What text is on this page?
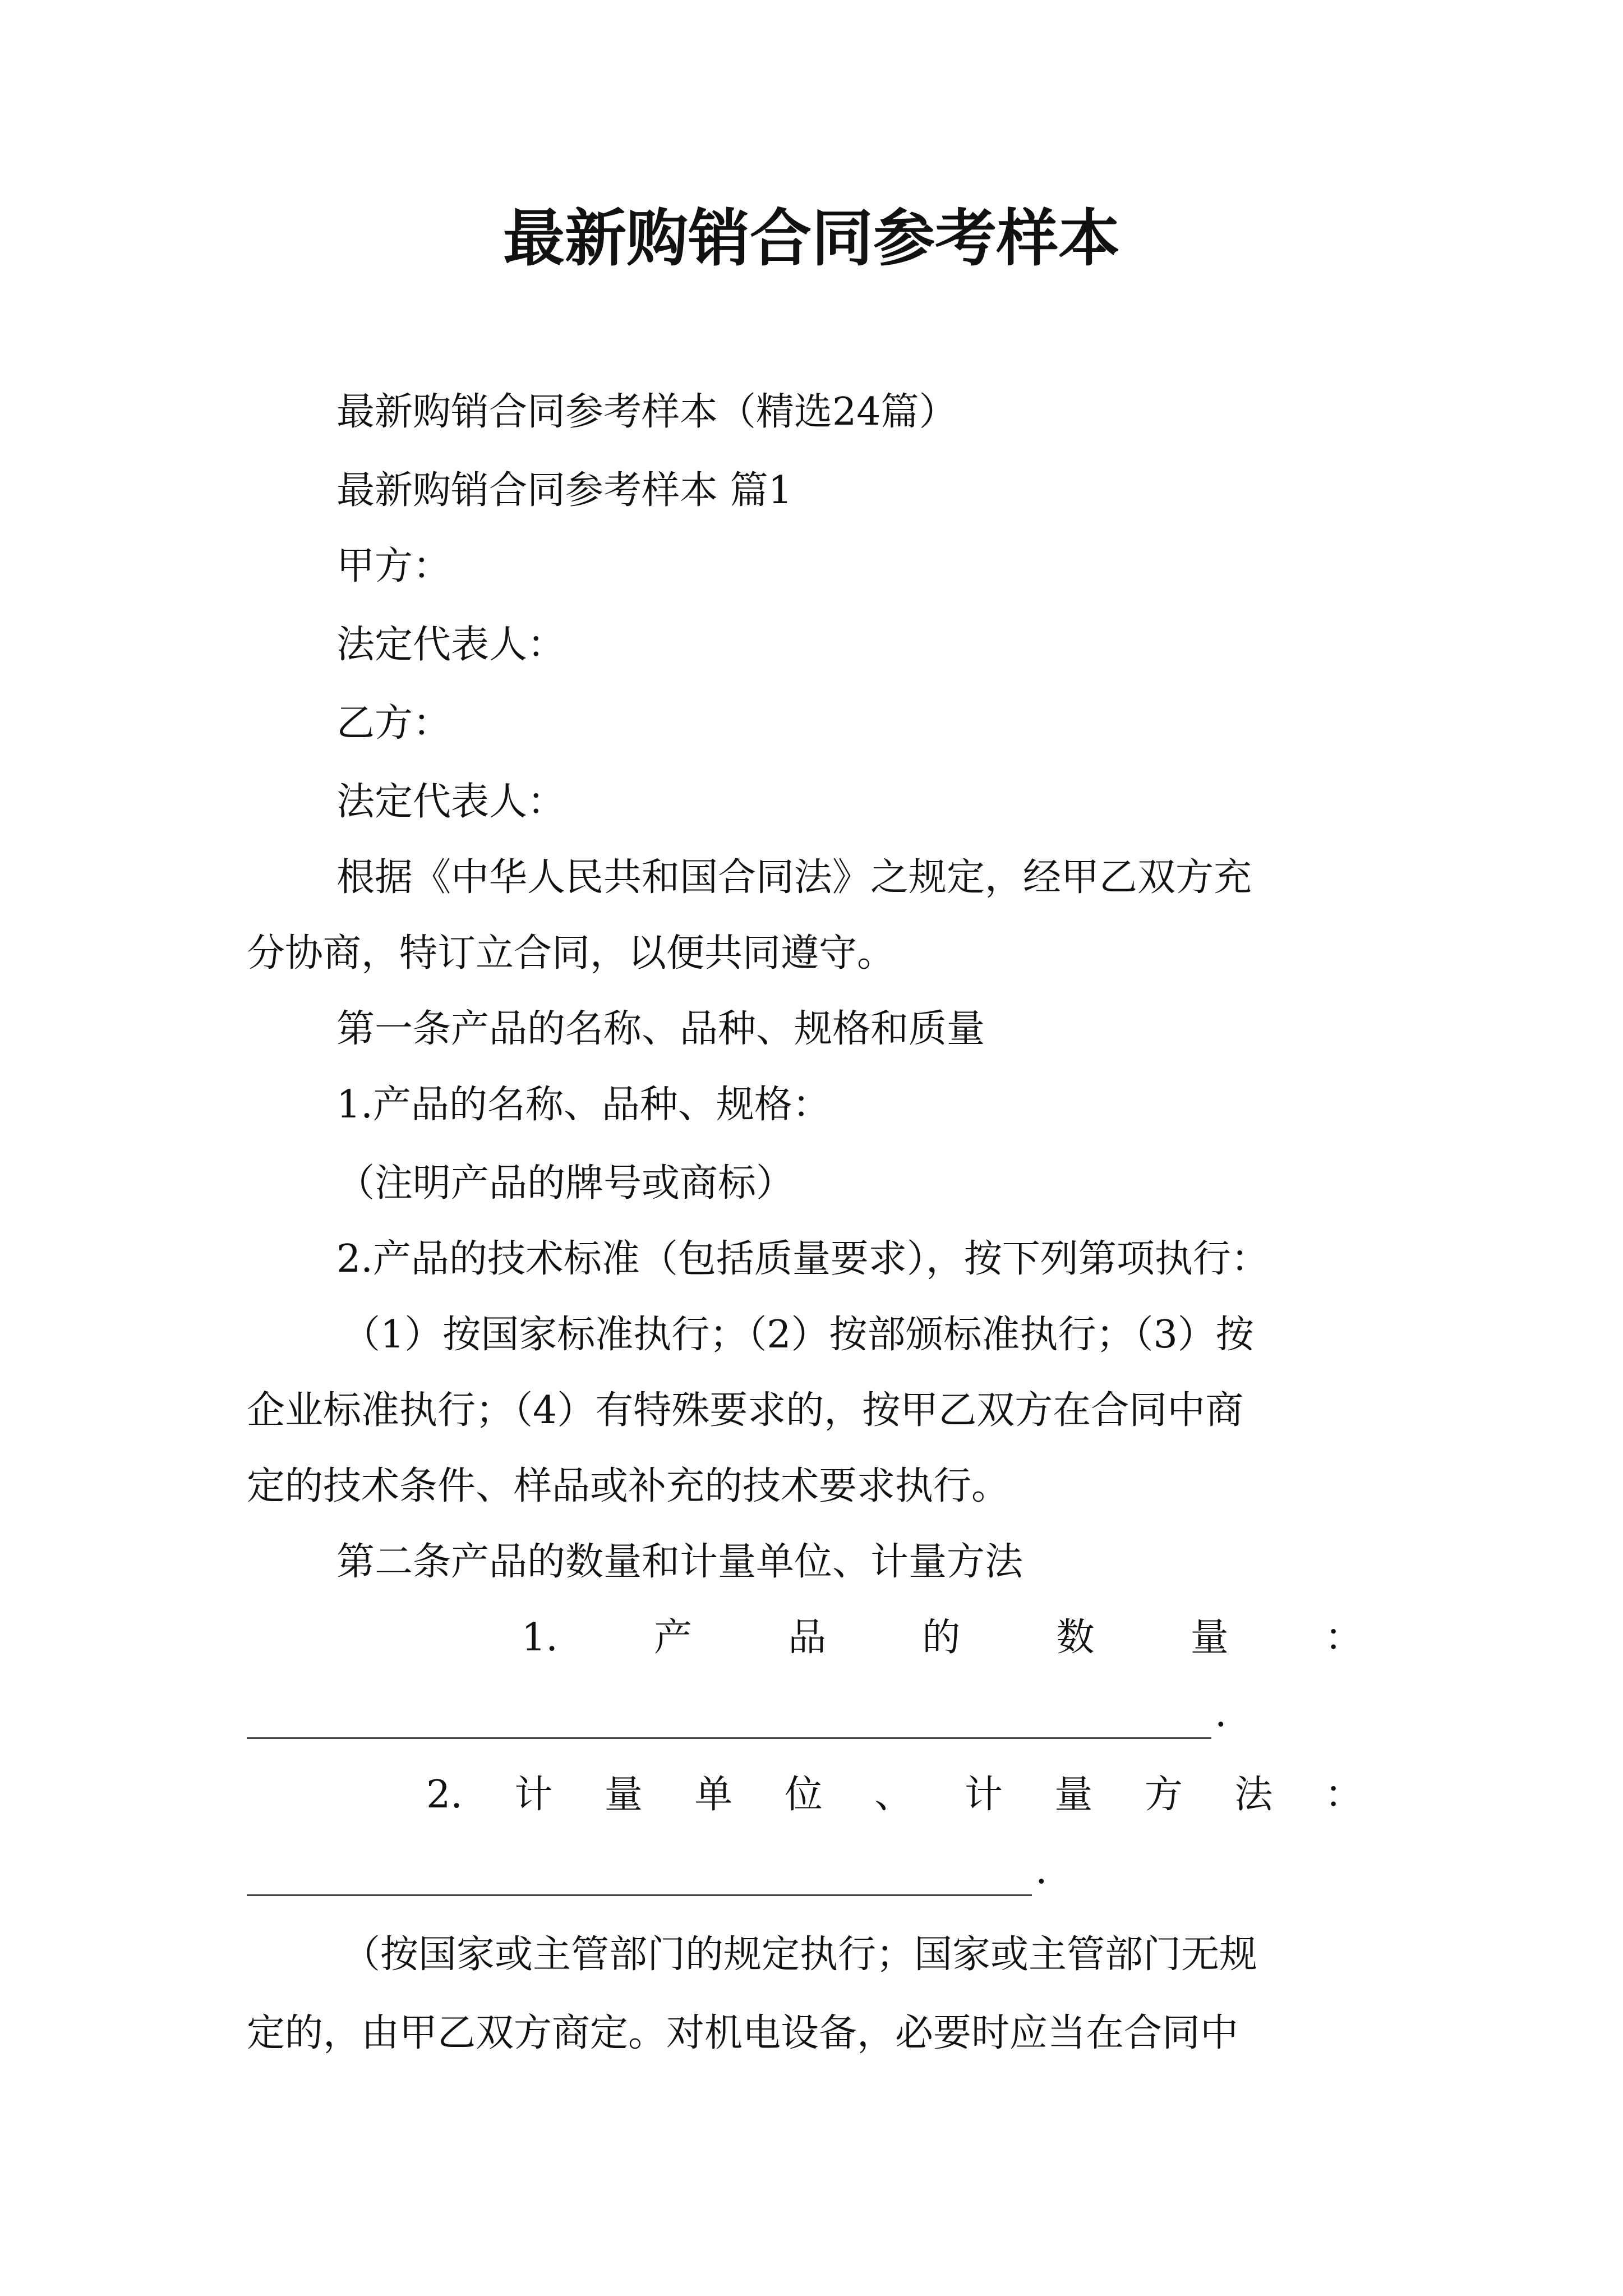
最新购销合同参考样本

最新购销合同参考样本（精选24篇）

最新购销合同参考样本 篇1

甲方：

法定代表人：

乙方：

法定代表人：

根据《中华人民共和国合同法》之规定，经甲乙双方充

分协商，特订立合同，以便共同遵守。

第一条产品的名称、品种、规格和质量

1.产品的名称、品种、规格：

（注明产品的牌号或商标）

2.产品的技术标准（包括质量要求），按下列第项执行：

（1）按国家标准执行；（2）按部颁标准执行；（3）按

企业标准执行；（4）有特殊要求的，按甲乙双方在合同中商

定的技术条件、样品或补充的技术要求执行。

第二条产品的数量和计量单位、计量方法

1.	产	品	的	数	量	：
.
2. 计 量 单 位 、 计 量 方 法 ：
.

（按国家或主管部门的规定执行；国家或主管部门无规

定的，由甲乙双方商定。对机电设备，必要时应当在合同中
